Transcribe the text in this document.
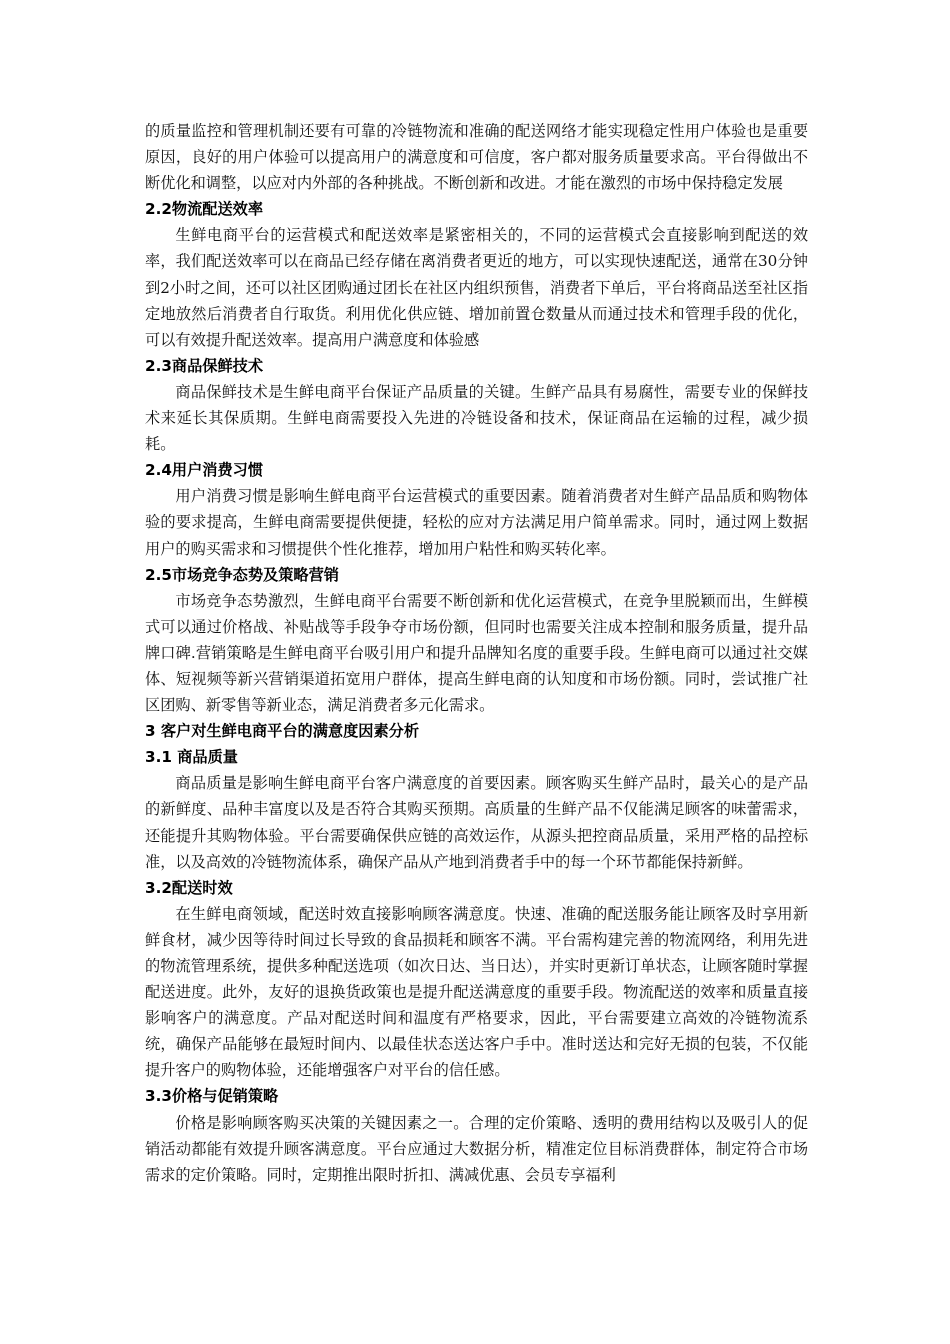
的质量监控和管理机制还要有可靠的冷链物流和准确的配送网络才能实现稳定性用户体验也是重要原因，良好的用户体验可以提高用户的满意度和可信度，客户都对服务质量要求高。平台得做出不断优化和调整，以应对内外部的各种挑战。不断创新和改进。才能在激烈的市场中保持稳定发展

2.2物流配送效率

生鲜电商平台的运营模式和配送效率是紧密相关的，不同的运营模式会直接影响到配送的效率，我们配送效率可以在商品已经存储在离消费者更近的地方，可以实现快速配送，通常在30分钟到2小时之间，还可以社区团购通过团长在社区内组织预售，消费者下单后，平台将商品送至社区指定地放然后消费者自行取货。利用优化供应链、增加前置仓数量从而通过技术和管理手段的优化，可以有效提升配送效率。提高用户满意度和体验感

2.3商品保鲜技术

商品保鲜技术是生鲜电商平台保证产品质量的关键。生鲜产品具有易腐性，需要专业的保鲜技术来延长其保质期。生鲜电商需要投入先进的冷链设备和技术，保证商品在运输的过程，减少损耗。

2.4用户消费习惯

用户消费习惯是影响生鲜电商平台运营模式的重要因素。随着消费者对生鲜产品品质和购物体验的要求提高，生鲜电商需要提供便捷，轻松的应对方法满足用户简单需求。同时，通过网上数据用户的购买需求和习惯提供个性化推荐，增加用户粘性和购买转化率。

2.5市场竞争态势及策略营销

市场竞争态势激烈，生鲜电商平台需要不断创新和优化运营模式，在竞争里脱颖而出，生鲜模式可以通过价格战、补贴战等手段争夺市场份额，但同时也需要关注成本控制和服务质量，提升品牌口碑.营销策略是生鲜电商平台吸引用户和提升品牌知名度的重要手段。生鲜电商可以通过社交媒体、短视频等新兴营销渠道拓宽用户群体，提高生鲜电商的认知度和市场份额。同时，尝试推广社区团购、新零售等新业态，满足消费者多元化需求。

3 客户对生鲜电商平台的满意度因素分析
3.1 商品质量

商品质量是影响生鲜电商平台客户满意度的首要因素。顾客购买生鲜产品时，最关心的是产品的新鲜度、品种丰富度以及是否符合其购买预期。高质量的生鲜产品不仅能满足顾客的味蕾需求，还能提升其购物体验。平台需要确保供应链的高效运作，从源头把控商品质量，采用严格的品控标准，以及高效的冷链物流体系，确保产品从产地到消费者手中的每一个环节都能保持新鲜。

3.2配送时效

在生鲜电商领域，配送时效直接影响顾客满意度。快速、准确的配送服务能让顾客及时享用新鲜食材，减少因等待时间过长导致的食品损耗和顾客不满。平台需构建完善的物流网络，利用先进的物流管理系统，提供多种配送选项（如次日达、当日达），并实时更新订单状态，让顾客随时掌握配送进度。此外，友好的退换货政策也是提升配送满意度的重要手段。物流配送的效率和质量直接影响客户的满意度。产品对配送时间和温度有严格要求，因此，平台需要建立高效的冷链物流系统，确保产品能够在最短时间内、以最佳状态送达客户手中。准时送达和完好无损的包装，不仅能提升客户的购物体验，还能增强客户对平台的信任感。

3.3价格与促销策略

价格是影响顾客购买决策的关键因素之一。合理的定价策略、透明的费用结构以及吸引人的促销活动都能有效提升顾客满意度。平台应通过大数据分析，精准定位目标消费群体，制定符合市场需求的定价策略。同时，定期推出限时折扣、满减优惠、会员专享福利
